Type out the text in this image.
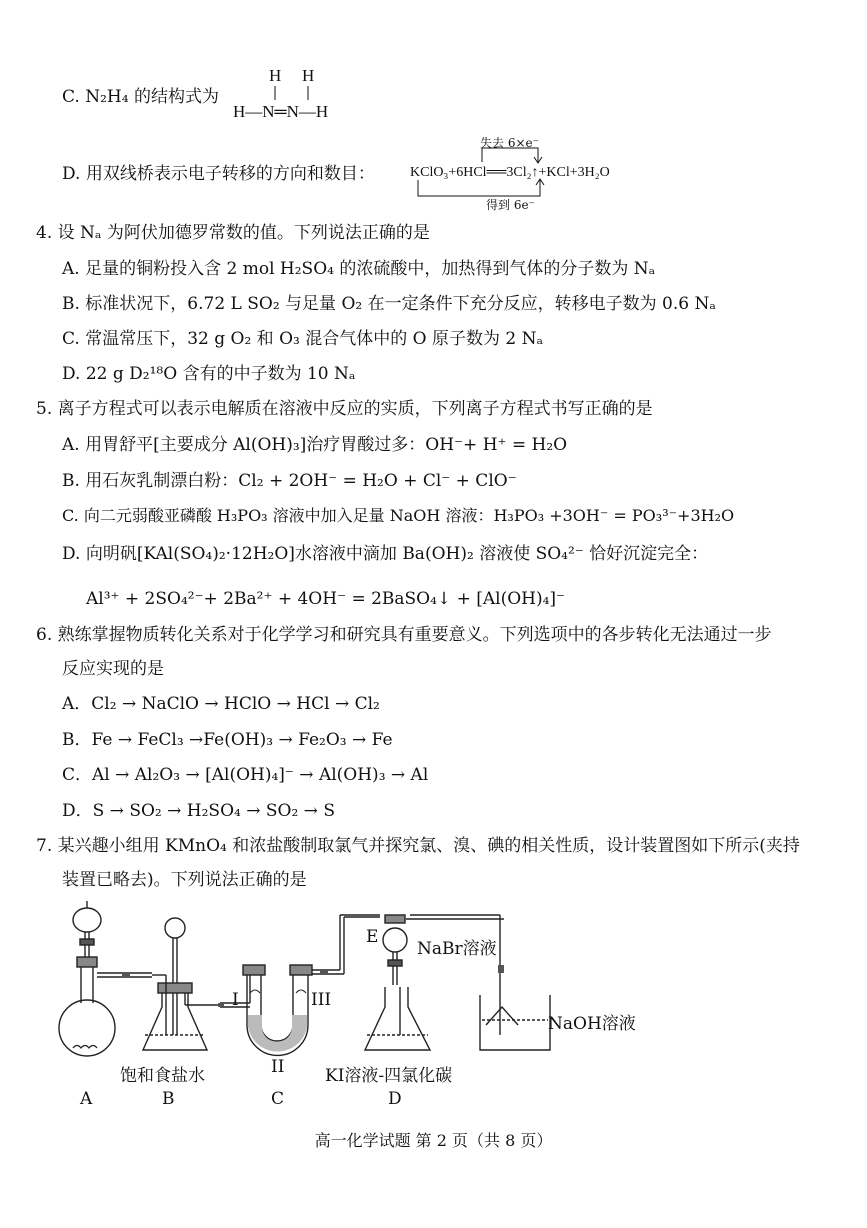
C. N₂H₄ 的结构式为
H H
H—N═N—H
D. 用双线桥表示电子转移的方向和数目：
失去 6×e⁻
KClO₃+6HCl══3Cl₂↑+KCl+3H₂O
得到 6e⁻
4. 设 Nₐ 为阿伏加德罗常数的值。下列说法正确的是
A. 足量的铜粉投入含 2 mol H₂SO₄ 的浓硫酸中，加热得到气体的分子数为 Nₐ
B. 标准状况下，6.72 L SO₂ 与足量 O₂ 在一定条件下充分反应，转移电子数为 0.6 Nₐ
C. 常温常压下，32 g O₂ 和 O₃ 混合气体中的 O 原子数为 2 Nₐ
D. 22 g D₂¹⁸O 含有的中子数为 10 Nₐ
5. 离子方程式可以表示电解质在溶液中反应的实质，下列离子方程式书写正确的是
A. 用胃舒平[主要成分 Al(OH)₃]治疗胃酸过多：OH⁻+ H⁺ = H₂O
B. 用石灰乳制漂白粉：Cl₂ + 2OH⁻ = H₂O + Cl⁻ + ClO⁻
C. 向二元弱酸亚磷酸 H₃PO₃ 溶液中加入足量 NaOH 溶液：H₃PO₃ +3OH⁻ = PO₃³⁻+3H₂O
D. 向明矾[KAl(SO₄)₂·12H₂O]水溶液中滴加 Ba(OH)₂ 溶液使 SO₄²⁻ 恰好沉淀完全：
Al³⁺ + 2SO₄²⁻+ 2Ba²⁺ + 4OH⁻ = 2BaSO₄↓ + [Al(OH)₄]⁻
6. 熟练掌握物质转化关系对于化学学习和研究具有重要意义。下列选项中的各步转化无法通过一步
反应实现的是
A．Cl₂ → NaClO → HClO → HCl → Cl₂
B．Fe → FeCl₃ →Fe(OH)₃ → Fe₂O₃ → Fe
C．Al → Al₂O₃ → [Al(OH)₄]⁻ → Al(OH)₃ → Al
D．S → SO₂ → H₂SO₄ → SO₂ → S
7. 某兴趣小组用 KMnO₄ 和浓盐酸制取氯气并探究氯、溴、碘的相关性质，设计装置图如下所示(夹持
装置已略去)。下列说法正确的是
E
NaBr溶液
I	III
II
NaOH溶液
饱和食盐水	KI溶液-四氯化碳
A	B	C	D
高一化学试题 第 2 页（共 8 页）
